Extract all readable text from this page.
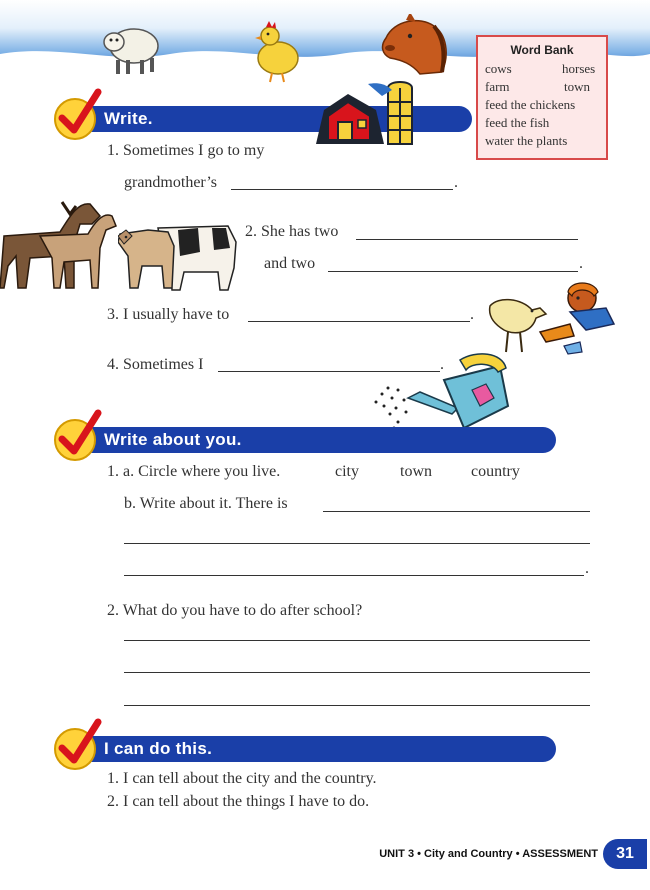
Word Bank
cows	horses
farm	town
feed the chickens
feed the fish
water the plants
Write.
1. Sometimes I go to my
grandmother’s	.
2. She has two
and two	.
3. I usually have to	.
4. Sometimes I	.
Write about you.
1. a. Circle where you live.	city	town country
b. Write about it. There is
.
2. What do you have to do after school?
I can do this.
1. I can tell about the city and the country.
2. I can tell about the things I have to do.
UNIT 3 • City and Country • ASSESSMENT	31
